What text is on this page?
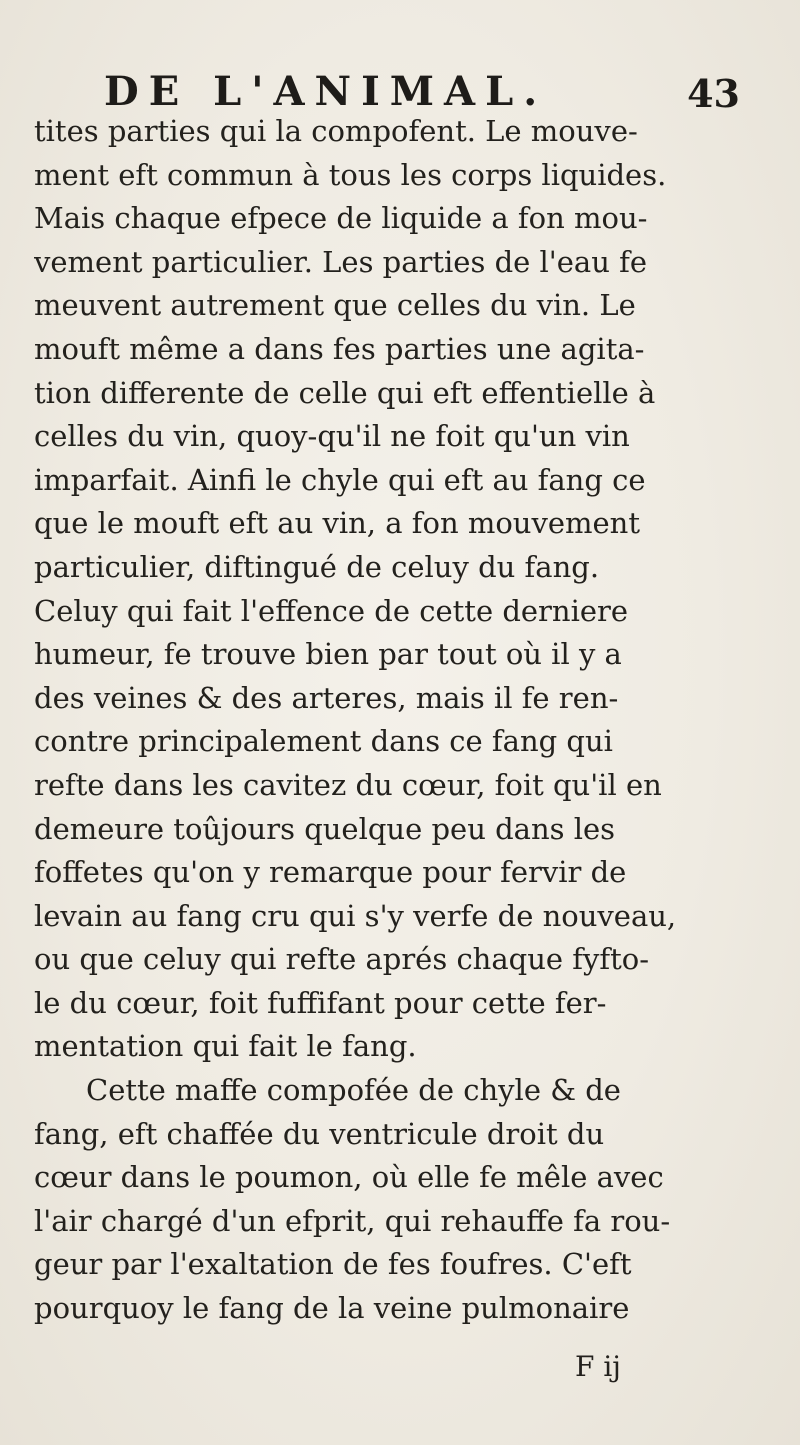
DE L'ANIMAL.	43
tites parties qui la compofent. Le mouve-
ment eft commun à tous les corps liquides.
Mais chaque efpece de liquide a fon mou-
vement particulier. Les parties de l'eau fe
meuvent autrement que celles du vin. Le
mouft même a dans fes parties une agita-
tion differente de celle qui eft effentielle à
celles du vin, quoy-qu'il ne foit qu'un vin
imparfait. Ainfi le chyle qui eft au fang ce
que le mouft eft au vin, a fon mouvement
particulier, diftingué de celuy du fang.
Celuy qui fait l'effence de cette derniere
humeur, fe trouve bien par tout où il y a
des veines & des arteres, mais il fe ren-
contre principalement dans ce fang qui
refte dans les cavitez du cœur, foit qu'il en
demeure toûjours quelque peu dans les
foffetes qu'on y remarque pour fervir de
levain au fang cru qui s'y verfe de nouveau,
ou que celuy qui refte aprés chaque fyfto-
le du cœur, foit fuffifant pour cette fer-
mentation qui fait le fang.
Cette maffe compofée de chyle & de
fang, eft chaffée du ventricule droit du
cœur dans le poumon, où elle fe mêle avec
l'air chargé d'un efprit, qui rehauffe fa rou-
geur par l'exaltation de fes foufres. C'eft
pourquoy le fang de la veine pulmonaire
F ij
